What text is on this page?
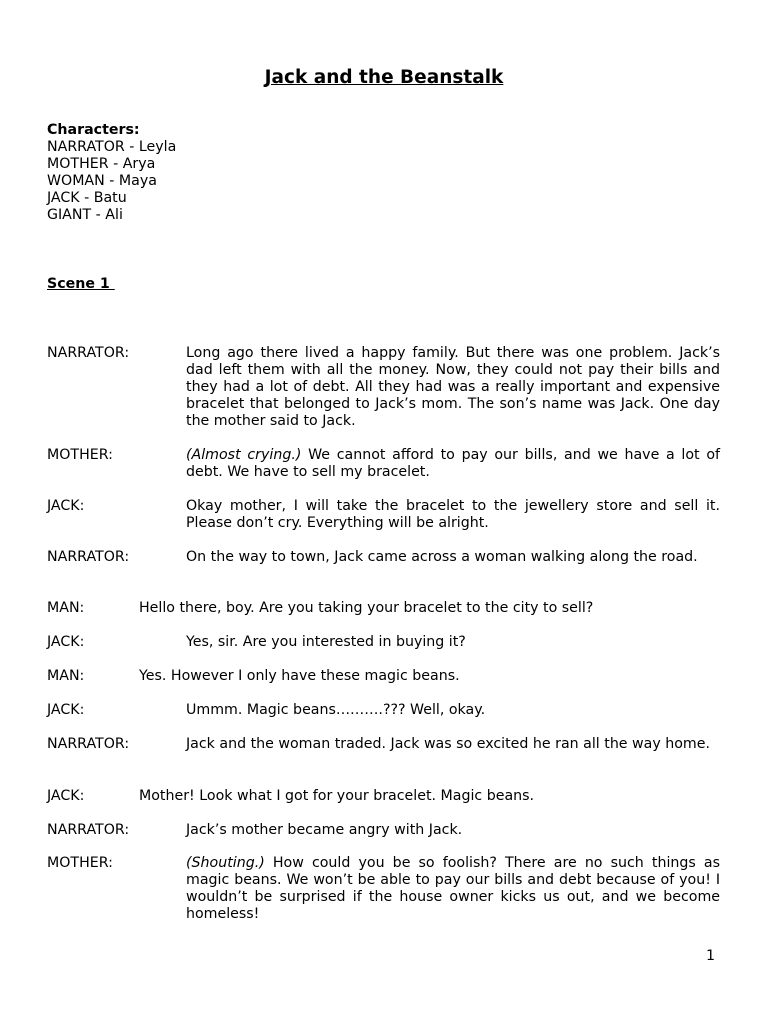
Jack and the Beanstalk
Characters:
NARRATOR - Leyla
MOTHER - Arya
WOMAN - Maya
JACK - Batu
GIANT - Ali
Scene 1
NARRATOR:	Long ago there lived a happy family. But there was one problem. Jack’s dad left them with all the money. Now, they could not pay their bills and they had a lot of debt. All they had was a really important and expensive bracelet that belonged to Jack’s mom. The son’s name was Jack. One day the mother said to Jack.
MOTHER:	(Almost crying.) We cannot afford to pay our bills, and we have a lot of debt. We have to sell my bracelet.
JACK:	Okay mother, I will take the bracelet to the jewellery store and sell it. Please don’t cry. Everything will be alright.
NARRATOR:	On the way to town, Jack came across a woman walking along the road.
MAN:	Hello there, boy. Are you taking your bracelet to the city to sell?
JACK:	Yes, sir. Are you interested in buying it?
MAN:	Yes. However I only have these magic beans.
JACK:	Ummm. Magic beans……….??? Well, okay.
NARRATOR:	Jack and the woman traded. Jack was so excited he ran all the way home.
JACK:	Mother! Look what I got for your bracelet. Magic beans.
NARRATOR:	Jack’s mother became angry with Jack.
MOTHER:	(Shouting.) How could you be so foolish? There are no such things as magic beans. We won’t be able to pay our bills and debt because of you! I wouldn’t be surprised if the house owner kicks us out, and we become homeless!
1
